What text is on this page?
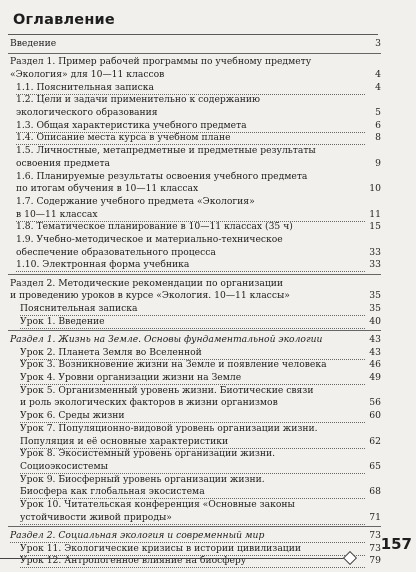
Оглавление
Введение	3
Раздел 1. Пример рабочей программы по учебному предмету
«Экология» для 10—11 классов	4
1.1. Пояснительная записка	4
1.2. Цели и задачи применительно к содержанию
экологического образования	5
1.3. Общая характеристика учебного предмета	6
1.4. Описание места курса в учебном плане	8
1.5. Личностные, метапредметные и предметные результаты
освоения предмета	9
1.6. Планируемые результаты освоения учебного предмета
по итогам обучения в 10—11 классах	10
1.7. Содержание учебного предмета «Экология»
в 10—11 классах	11
1.8. Тематическое планирование в 10—11 классах (35 ч)	15
1.9. Учебно-методическое и материально-техническое
обеспечение образовательного процесса	33
1.10. Электронная форма учебника	33
Раздел 2. Методические рекомендации по организации
и проведению уроков в курсе «Экология. 10—11 классы»	35
Пояснительная записка	35
Урок 1. Введение	40
Раздел 1. Жизнь на Земле. Основы фундаментальной экологии	43
Урок 2. Планета Земля во Вселенной	43
Урок 3. Возникновение жизни на Земле и появление человека	46
Урок 4. Уровни организации жизни на Земле	49
Урок 5. Организменный уровень жизни. Биотические связи
и роль экологических факторов в жизни организмов	56
Урок 6. Среды жизни	60
Урок 7. Популяционно-видовой уровень организации жизни.
Популяция и её основные характеристики	62
Урок 8. Экосистемный уровень организации жизни.
Социоэкосистемы	65
Урок 9. Биосферный уровень организации жизни.
Биосфера как глобальная экосистема	68
Урок 10. Читательская конференция «Основные законы
устойчивости живой природы»	71
Раздел 2. Социальная экология и современный мир	73
Урок 11. Экологические кризисы в истории цивилизации	73
Урок 12. Антропогенное влияние на биосферу	79
157
